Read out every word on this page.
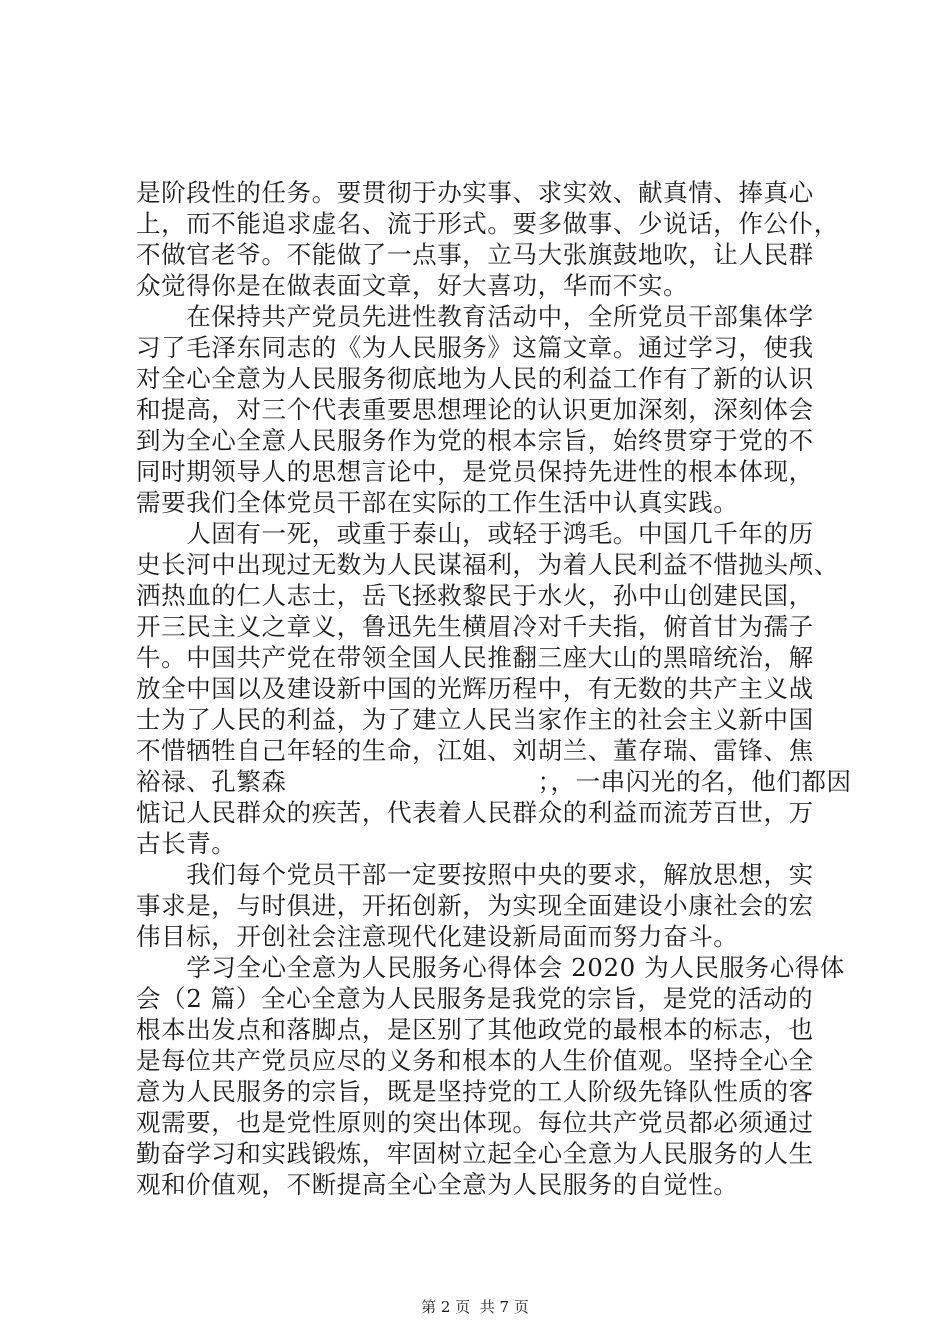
是阶段性的任务。要贯彻于办实事、求实效、献真情、捧真心
上，而不能追求虚名、流于形式。要多做事、少说话，作公仆，
不做官老爷。不能做了一点事，立马大张旗鼓地吹，让人民群
众觉得你是在做表面文章，好大喜功，华而不实。
　　在保持共产党员先进性教育活动中，全所党员干部集体学
习了毛泽东同志的《为人民服务》这篇文章。通过学习，使我
对全心全意为人民服务彻底地为人民的利益工作有了新的认识
和提高，对三个代表重要思想理论的认识更加深刻，深刻体会
到为全心全意人民服务作为党的根本宗旨，始终贯穿于党的不
同时期领导人的思想言论中，是党员保持先进性的根本体现，
需要我们全体党员干部在实际的工作生活中认真实践。
　　人固有一死，或重于泰山，或轻于鸿毛。中国几千年的历
史长河中出现过无数为人民谋福利，为着人民利益不惜抛头颅、
洒热血的仁人志士，岳飞拯救黎民于水火，孙中山创建民国，
开三民主义之章义，鲁迅先生横眉冷对千夫指，俯首甘为孺子
牛。中国共产党在带领全国人民推翻三座大山的黑暗统治，解
放全中国以及建设新中国的光辉历程中，有无数的共产主义战
士为了人民的利益，为了建立人民当家作主的社会主义新中国
不惜牺牲自己年轻的生命，江姐、刘胡兰、董存瑞、雷锋、焦
裕禄、孔繁森　　　　　　　　　　；，一串闪光的名，他们都因
惦记人民群众的疾苦，代表着人民群众的利益而流芳百世，万
古长青。
　　我们每个党员干部一定要按照中央的要求，解放思想，实
事求是，与时俱进，开拓创新，为实现全面建设小康社会的宏
伟目标，开创社会注意现代化建设新局面而努力奋斗。
　　学习全心全意为人民服务心得体会 2020 为人民服务心得体
会（2 篇）全心全意为人民服务是我党的宗旨，是党的活动的
根本出发点和落脚点，是区别了其他政党的最根本的标志，也
是每位共产党员应尽的义务和根本的人生价值观。坚持全心全
意为人民服务的宗旨，既是坚持党的工人阶级先锋队性质的客
观需要，也是党性原则的突出体现。每位共产党员都必须通过
勤奋学习和实践锻炼，牢固树立起全心全意为人民服务的人生
观和价值观，不断提高全心全意为人民服务的自觉性。
第 2 页  共 7 页
